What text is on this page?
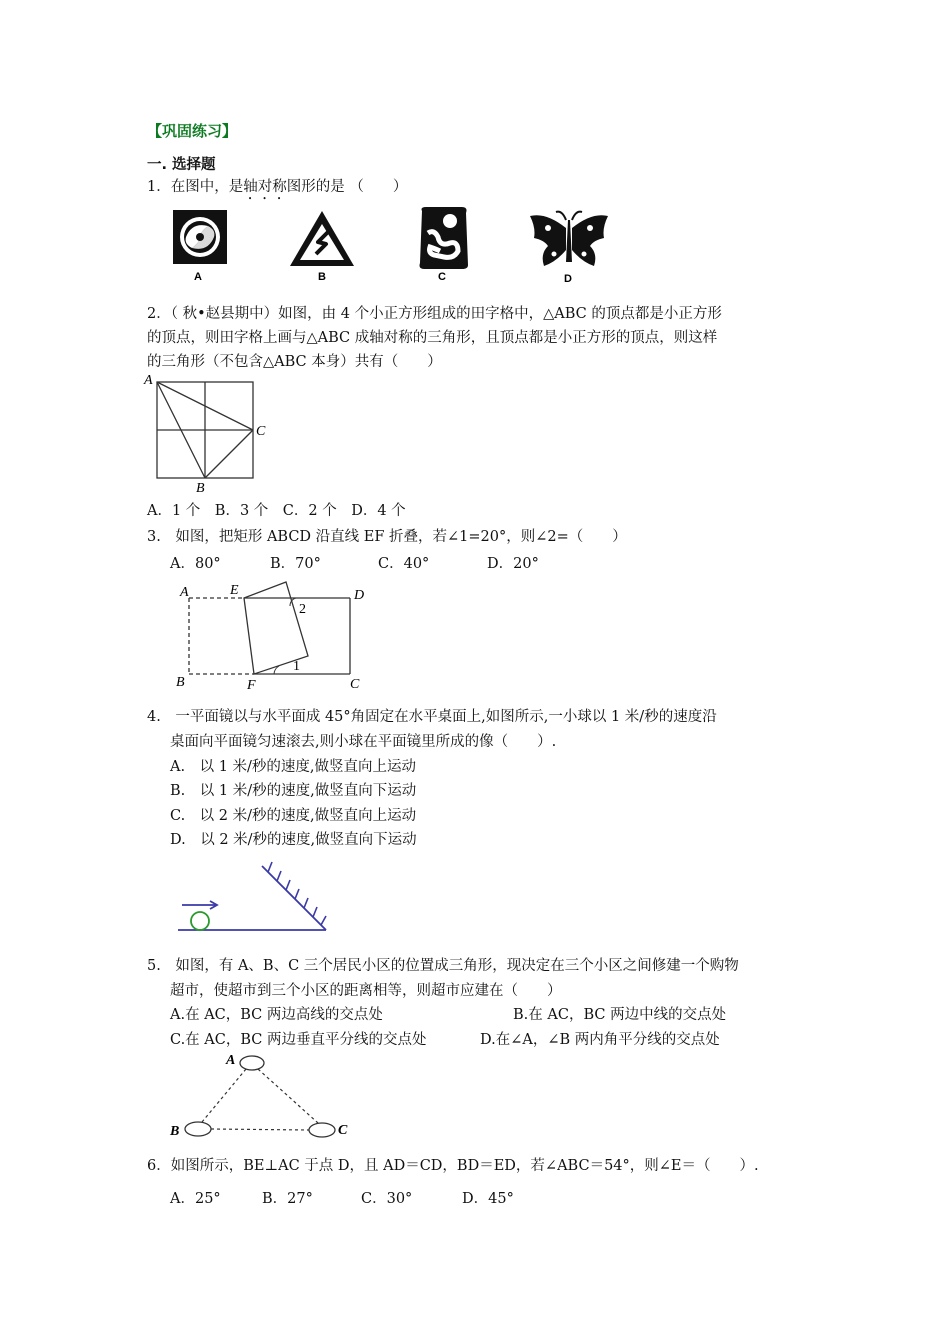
【巩固练习】
一. 选择题
1．在图中，是轴对称图形的是 （　　）
A	B	C	D
2．（ 秋•赵县期中）如图，由 4 个小正方形组成的田字格中，△ABC 的顶点都是小正方形
的顶点，则田字格上画与△ABC 成轴对称的三角形，且顶点都是小正方形的顶点，则这样
的三角形（不包含△ABC 本身）共有（　　）
A
C
B
A．1 个　B．3 个　C．2 个　D．4 个
3.　如图，把矩形 ABCD 沿直线 EF 折叠，若∠1=20°，则∠2=（　　）
A．80°	B．70°	C．40°	D．20°
A	E	D
2
1
B	F	C
4.　一平面镜以与水平面成 45°角固定在水平桌面上,如图所示,一小球以 1 米/秒的速度沿
桌面向平面镜匀速滚去,则小球在平面镜里所成的像（　　）.
A.　以 1 米/秒的速度,做竖直向上运动
B.　以 1 米/秒的速度,做竖直向下运动
C.　以 2 米/秒的速度,做竖直向上运动
D.　以 2 米/秒的速度,做竖直向下运动
5.　如图，有 A、B、C 三个居民小区的位置成三角形，现决定在三个小区之间修建一个购物
超市，使超市到三个小区的距离相等，则超市应建在（　　）
A.在 AC，BC 两边高线的交点处	B.在 AC，BC 两边中线的交点处
C.在 AC，BC 两边垂直平分线的交点处	D.在∠A，∠B 两内角平分线的交点处
A
B	C
6．如图所示，BE⊥AC 于点 D，且 AD＝CD，BD＝ED，若∠ABC＝54°，则∠E＝（　　）.
A．25°	B．27°	C．30°	D．45°
